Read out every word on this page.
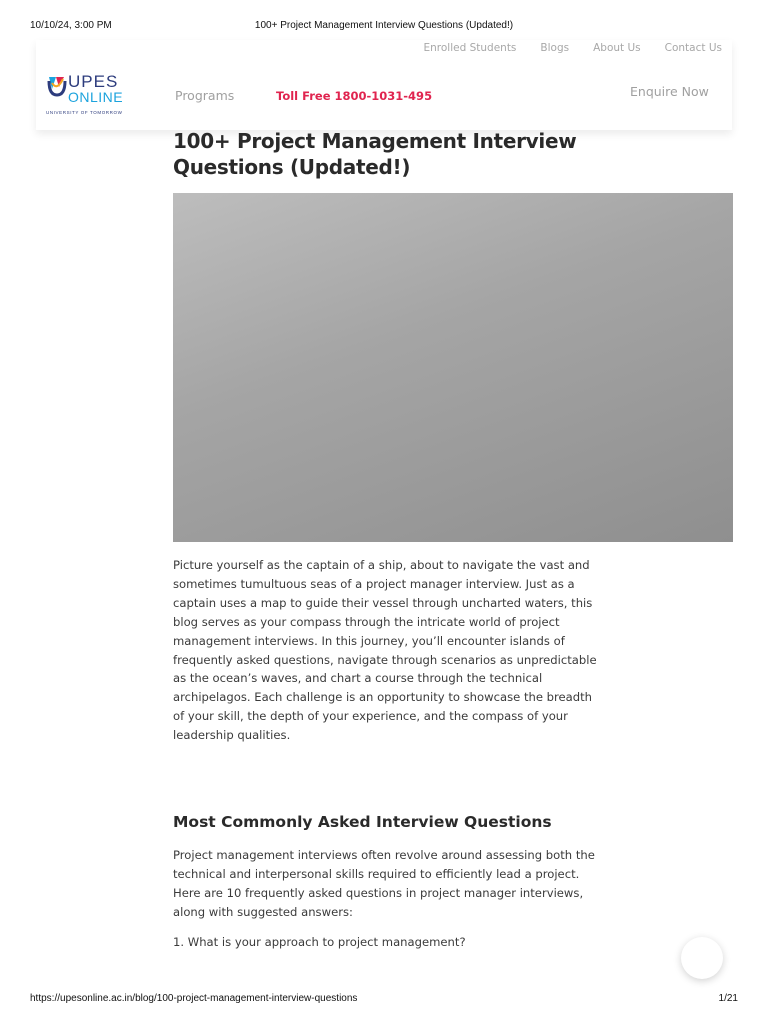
10/10/24, 3:00 PM	100+ Project Management Interview Questions (Updated!)
Enrolled Students Blogs About Us Contact Us
UPES
ONLINE
UNIVERSITY OF TOMORROW
Programs	Toll Free 1800-1031-495	Enquire Now
100+ Project Management Interview Questions (Updated!)

Picture yourself as the captain of a ship, about to navigate the vast and sometimes tumultuous seas of a project manager interview. Just as a captain uses a map to guide their vessel through uncharted waters, this blog serves as your compass through the intricate world of project management interviews. In this journey, you’ll encounter islands of frequently asked questions, navigate through scenarios as unpredictable as the ocean’s waves, and chart a course through the technical archipelagos. Each challenge is an opportunity to showcase the breadth of your skill, the depth of your experience, and the compass of your leadership qualities.

Most Commonly Asked Interview Questions

Project management interviews often revolve around assessing both the technical and interpersonal skills required to efficiently lead a project. Here are 10 frequently asked questions in project manager interviews, along with suggested answers:

1. What is your approach to project management?

https://upesonline.ac.in/blog/100-project-management-interview-questions	1/21
